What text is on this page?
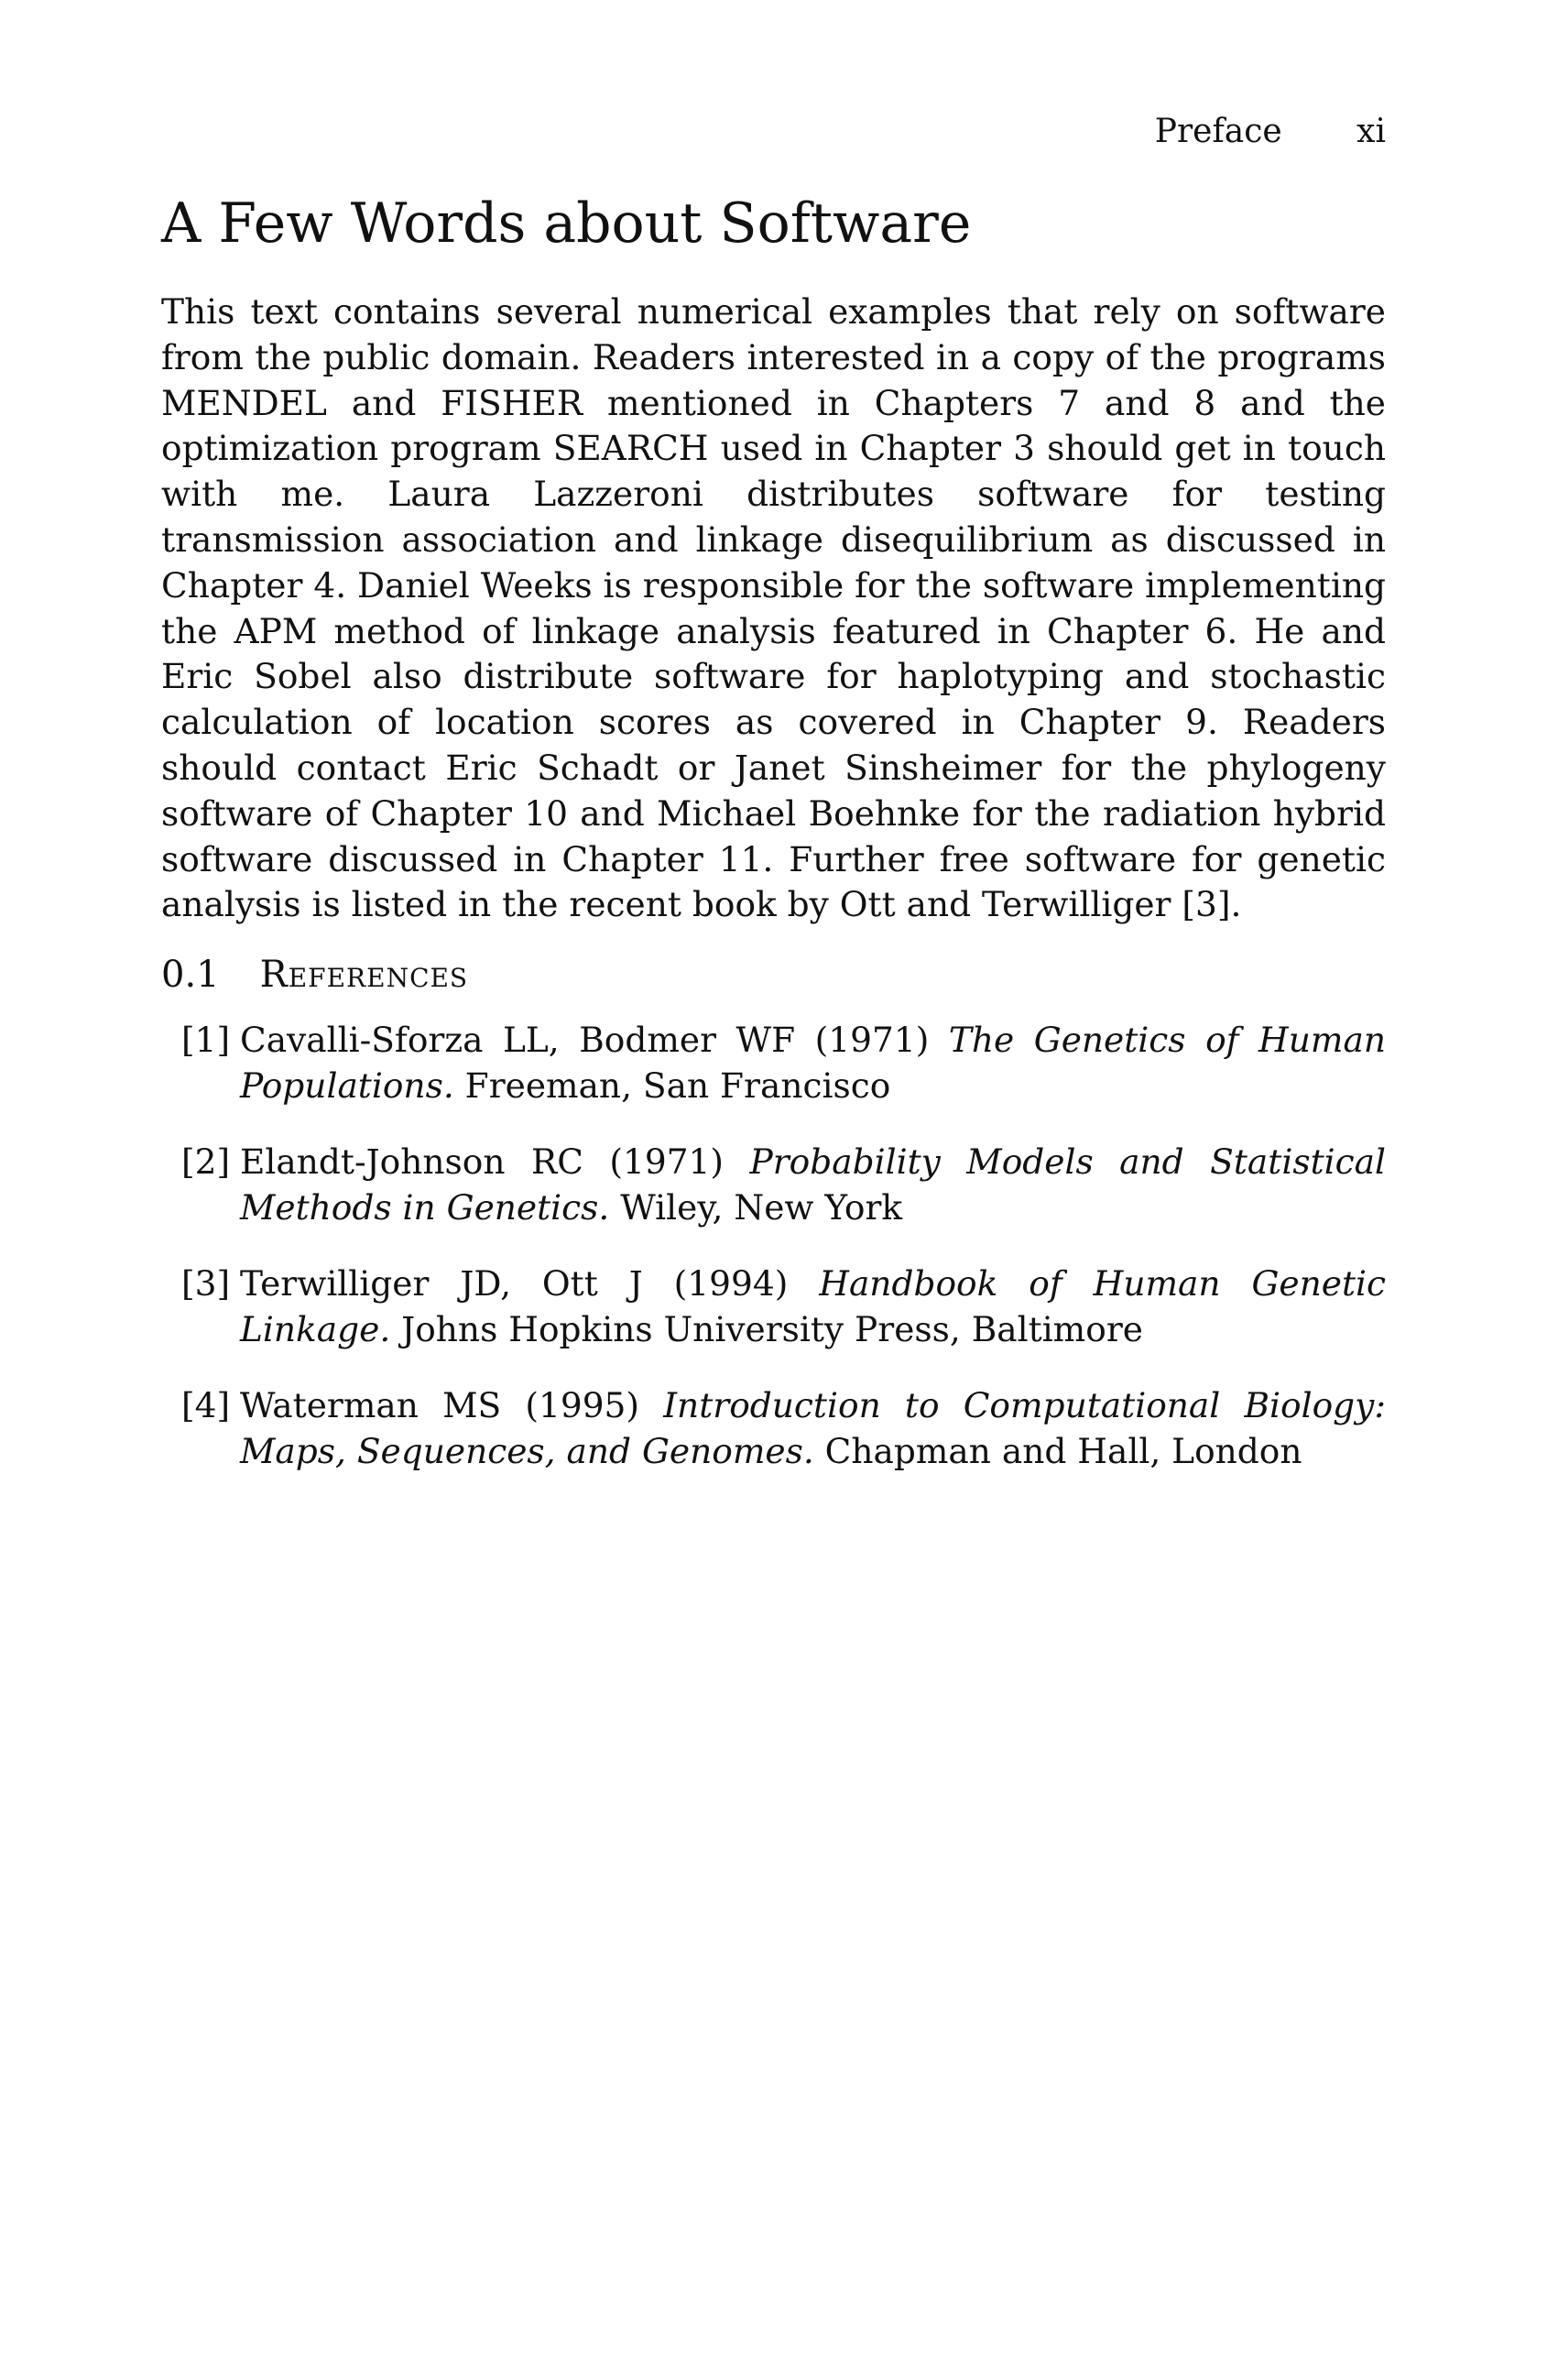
Preface xi
A Few Words about Software

This text contains several numerical examples that rely on software from the public domain. Readers interested in a copy of the programs MENDEL and FISHER mentioned in Chapters 7 and 8 and the optimization program SEARCH used in Chapter 3 should get in touch with me. Laura Lazzeroni distributes software for testing transmission association and linkage disequilibrium as discussed in Chapter 4. Daniel Weeks is responsible for the software implementing the APM method of linkage analysis featured in Chapter 6. He and Eric Sobel also distribute software for haplotyping and stochastic calculation of location scores as covered in Chapter 9. Readers should contact Eric Schadt or Janet Sinsheimer for the phylogeny software of Chapter 10 and Michael Boehnke for the radiation hybrid software discussed in Chapter 11. Further free software for genetic analysis is listed in the recent book by Ott and Terwilliger [3].

0.1 References
[1] Cavalli-Sforza LL, Bodmer WF (1971) The Genetics of Human Populations. Freeman, San Francisco
[2] Elandt-Johnson RC (1971) Probability Models and Statistical Methods in Genetics. Wiley, New York
[3] Terwilliger JD, Ott J (1994) Handbook of Human Genetic Linkage. Johns Hopkins University Press, Baltimore
[4] Waterman MS (1995) Introduction to Computational Biology: Maps, Sequences, and Genomes. Chapman and Hall, London
